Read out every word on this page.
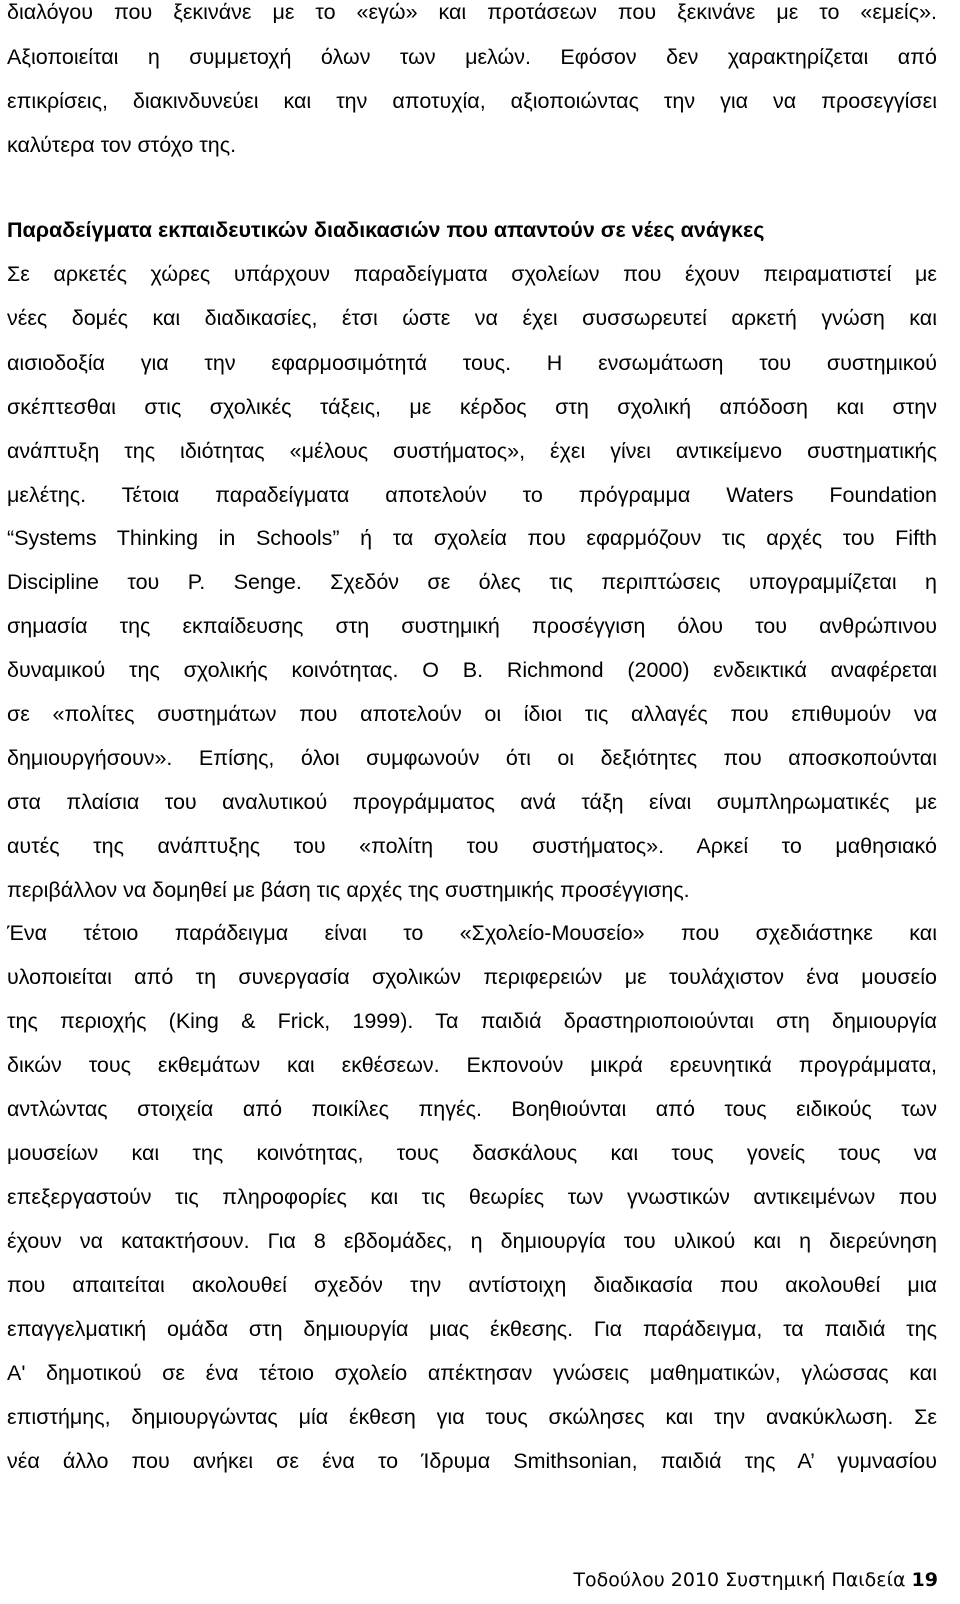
διαλόγου που ξεκινάνε με το «εγώ» και προτάσεων που ξεκινάνε με το «εμείς».
Αξιοποιείται η συμμετοχή όλων των μελών. Εφόσον δεν χαρακτηρίζεται από
επικρίσεις, διακινδυνεύει και την αποτυχία, αξιοποιώντας την για να προσεγγίσει
καλύτερα τον στόχο της.
Παραδείγματα εκπαιδευτικών διαδικασιών που απαντούν σε νέες ανάγκες
Σε αρκετές χώρες υπάρχουν παραδείγματα σχολείων που έχουν πειραματιστεί με
νέες δομές και διαδικασίες, έτσι ώστε να έχει συσσωρευτεί αρκετή γνώση και
αισιοδοξία για την εφαρμοσιμότητά τους. Η ενσωμάτωση του συστημικού
σκέπτεσθαι στις σχολικές τάξεις, με κέρδος στη σχολική απόδοση και στην
ανάπτυξη της ιδιότητας «μέλους συστήματος», έχει γίνει αντικείμενο συστηματικής
μελέτης. Τέτοια παραδείγματα αποτελούν το πρόγραμμα Waters Foundation
“Systems Thinking in Schools” ή τα σχολεία που εφαρμόζουν τις αρχές του Fifth
Discipline του P. Senge. Σχεδόν σε όλες τις περιπτώσεις υπογραμμίζεται η
σημασία της εκπαίδευσης στη συστημική προσέγγιση όλου του ανθρώπινου
δυναμικού της σχολικής κοινότητας. Ο B. Richmond (2000) ενδεικτικά αναφέρεται
σε «πολίτες συστημάτων που αποτελούν οι ίδιοι τις αλλαγές που επιθυμούν να
δημιουργήσουν». Επίσης, όλοι συμφωνούν ότι οι δεξιότητες που αποσκοπούνται
στα πλαίσια του αναλυτικού προγράμματος ανά τάξη είναι συμπληρωματικές με
αυτές της ανάπτυξης του «πολίτη του συστήματος». Αρκεί το μαθησιακό
περιβάλλον να δομηθεί με βάση τις αρχές της συστημικής προσέγγισης.
Ένα τέτοιο παράδειγμα είναι το «Σχολείο-Μουσείο» που σχεδιάστηκε και
υλοποιείται από τη συνεργασία σχολικών περιφερειών με τουλάχιστον ένα μουσείο
της περιοχής (King & Frick, 1999). Τα παιδιά δραστηριοποιούνται στη δημιουργία
δικών τους εκθεμάτων και εκθέσεων. Εκπονούν μικρά ερευνητικά προγράμματα,
αντλώντας στοιχεία από ποικίλες πηγές. Βοηθιούνται από τους ειδικούς των
μουσείων και της κοινότητας, τους δασκάλους και τους γονείς τους να
επεξεργαστούν τις πληροφορίες και τις θεωρίες των γνωστικών αντικειμένων που
έχουν να κατακτήσουν. Για 8 εβδομάδες, η δημιουργία του υλικού και η διερεύνηση
που απαιτείται ακολουθεί σχεδόν την αντίστοιχη διαδικασία που ακολουθεί μια
επαγγελματική ομάδα στη δημιουργία μιας έκθεσης. Για παράδειγμα, τα παιδιά της
Α' δημοτικού σε ένα τέτοιο σχολείο απέκτησαν γνώσεις μαθηματικών, γλώσσας και
επιστήμης, δημιουργώντας μία έκθεση για τους σκώλησες και την ανακύκλωση. Σε
νέα άλλο που ανήκει σε ένα το Ίδρυμα Smithsonian, παιδιά της Α’ γυμνασίου
Τοδούλου 2010 Συστημική Παιδεία 19
